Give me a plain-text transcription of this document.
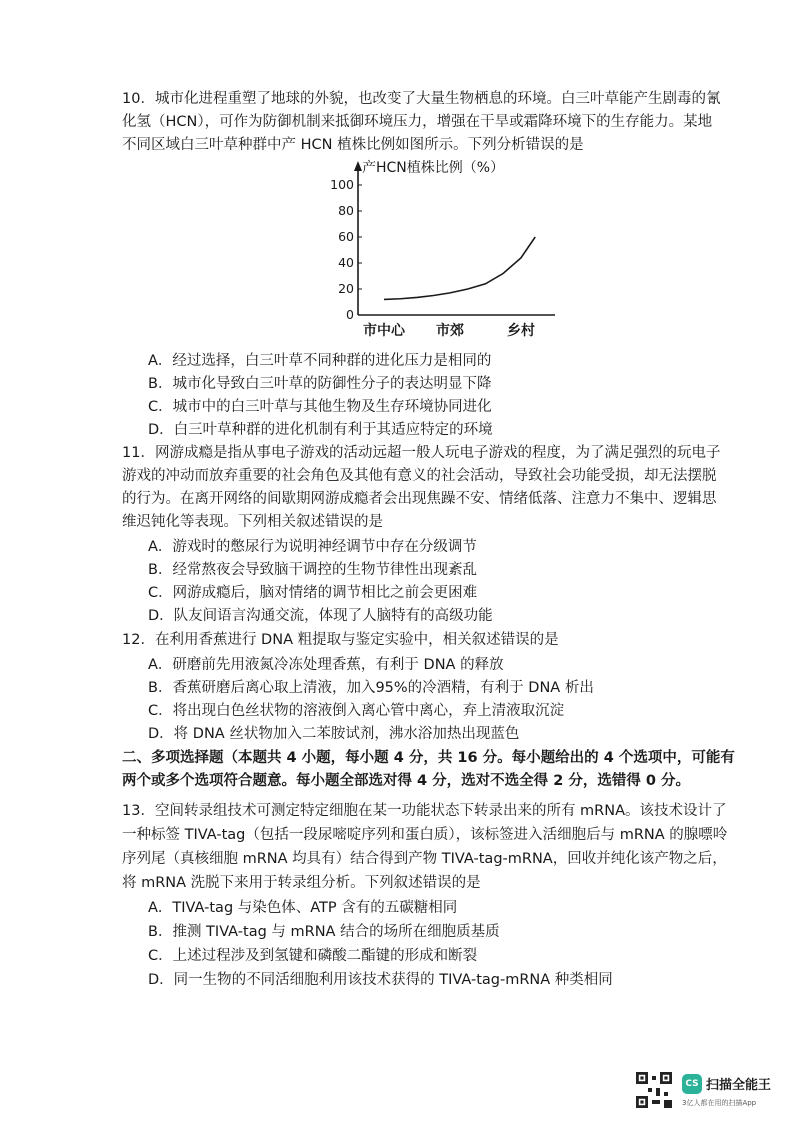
10．城市化进程重塑了地球的外貌，也改变了大量生物栖息的环境。白三叶草能产生剧毒的氰
化氢（HCN），可作为防御机制来抵御环境压力，增强在干旱或霜降环境下的生存能力。某地
不同区域白三叶草种群中产 HCN 植株比例如图所示。下列分析错误的是
产HCN植株比例（%）
0
20
40
60
80
100
市中心 市郊	乡村
A．经过选择，白三叶草不同种群的进化压力是相同的
B．城市化导致白三叶草的防御性分子的表达明显下降
C．城市中的白三叶草与其他生物及生存环境协同进化
D．白三叶草种群的进化机制有利于其适应特定的环境
11．网游成瘾是指从事电子游戏的活动远超一般人玩电子游戏的程度，为了满足强烈的玩电子
游戏的冲动而放弃重要的社会角色及其他有意义的社会活动，导致社会功能受损，却无法摆脱
的行为。在离开网络的间歇期网游成瘾者会出现焦躁不安、情绪低落、注意力不集中、逻辑思
维迟钝化等表现。下列相关叙述错误的是
A．游戏时的憋尿行为说明神经调节中存在分级调节
B．经常熬夜会导致脑干调控的生物节律性出现紊乱
C．网游成瘾后，脑对情绪的调节相比之前会更困难
D．队友间语言沟通交流，体现了人脑特有的高级功能
12．在利用香蕉进行 DNA 粗提取与鉴定实验中，相关叙述错误的是
A．研磨前先用液氮冷冻处理香蕉，有利于 DNA 的释放
B．香蕉研磨后离心取上清液，加入95%的冷酒精，有利于 DNA 析出
C．将出现白色丝状物的溶液倒入离心管中离心，弃上清液取沉淀
D．将 DNA 丝状物加入二苯胺试剂，沸水浴加热出现蓝色
二、多项选择题（本题共 4 小题，每小题 4 分，共 16 分。每小题给出的 4 个选项中，可能有
两个或多个选项符合题意。每小题全部选对得 4 分，选对不选全得 2 分，选错得 0 分。
13．空间转录组技术可测定特定细胞在某一功能状态下转录出来的所有 mRNA。该技术设计了
一种标签 TIVA-tag（包括一段尿嘧啶序列和蛋白质），该标签进入活细胞后与 mRNA 的腺嘌呤
序列尾（真核细胞 mRNA 均具有）结合得到产物 TIVA-tag-mRNA，回收并纯化该产物之后，
将 mRNA 洗脱下来用于转录组分析。下列叙述错误的是
A．TIVA-tag 与染色体、ATP 含有的五碳糖相同
B．推测 TIVA-tag 与 mRNA 结合的场所在细胞质基质
C．上述过程涉及到氢键和磷酸二酯键的形成和断裂
D．同一生物的不同活细胞利用该技术获得的 TIVA-tag-mRNA 种类相同
CS 扫描全能王
3亿人都在用的扫描App
